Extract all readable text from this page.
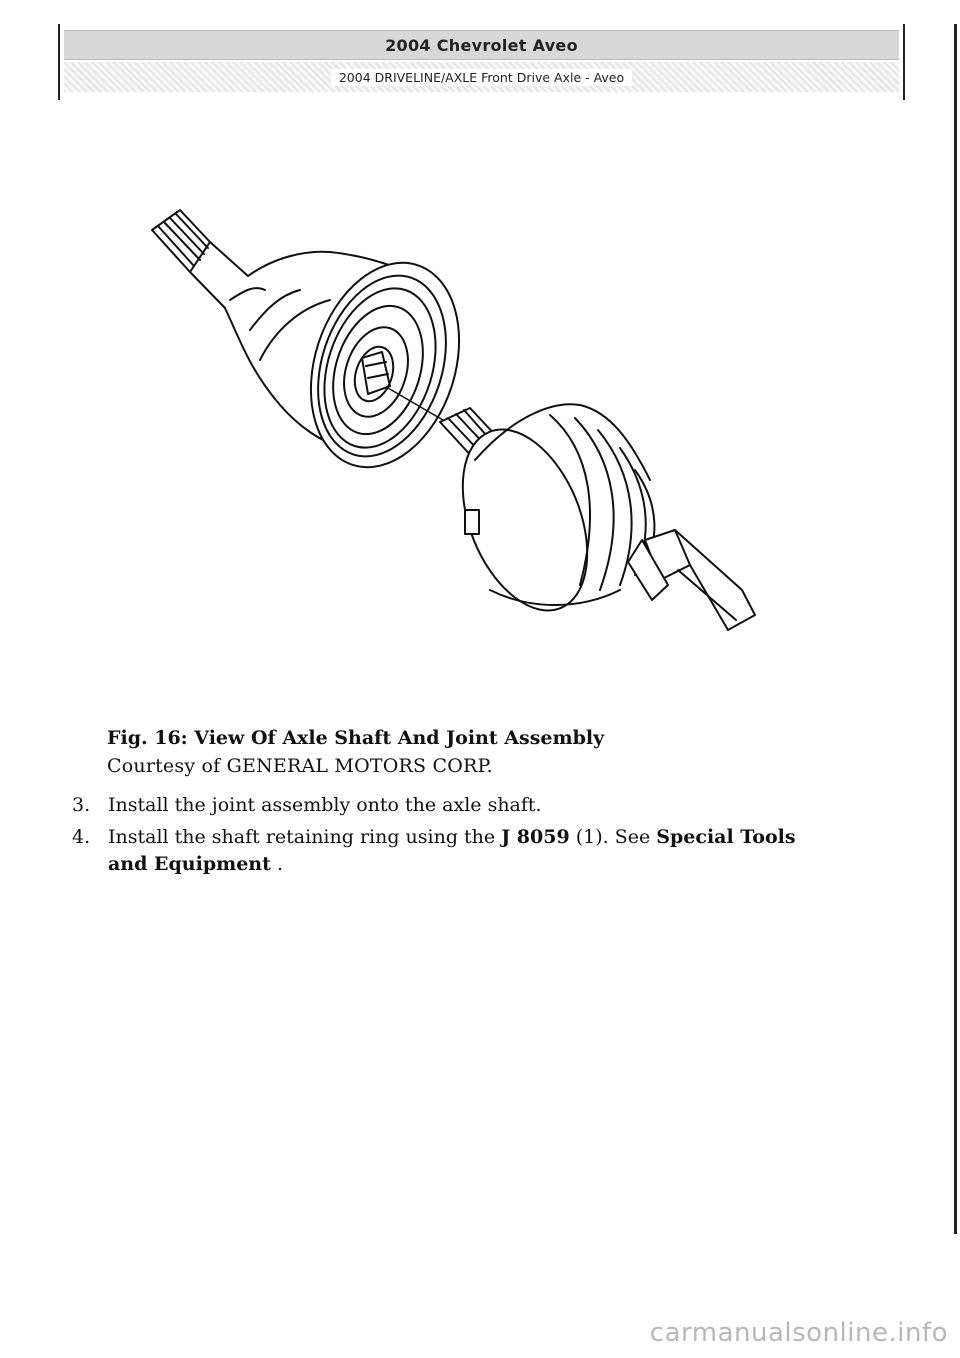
2004 Chevrolet Aveo
2004 DRIVELINE/AXLE Front Drive Axle - Aveo
Fig. 16: View Of Axle Shaft And Joint Assembly
Courtesy of GENERAL MOTORS CORP.
3. Install the joint assembly onto the axle shaft.
4. Install the shaft retaining ring using the J 8059 (1). See Special Tools and Equipment .
carmanualsonline.info
